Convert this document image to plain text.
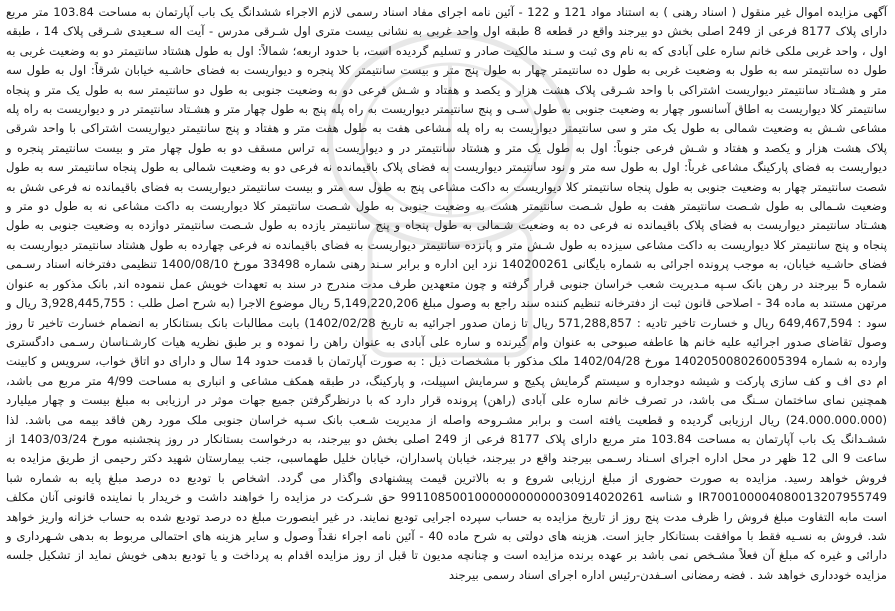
آگهی مزایده اموال غیر منقول ( اسناد رهنی ) به استناد مواد 121 و 122 - آئین نامه اجرای مفاد اسناد رسمی لازم الاجراء ششدانگ یک باب آپارتمان به مساحت 103.84 متر مربع دارای پلاک 8177 فرعی از 249 اصلی بخش دو بیرجند واقع در قطعه 8 طبقه اول واحد غربی به نشانی بیست متری اول شـرقی مدرس - آیت اله سـعیدی شـرقی پلاک 14 ، طبقه اول ، واحد غربی ملکی خانم ساره علی آبادی که به نام وی ثبت و سـند مالکیت صادر و تسلیم گردیده است، با حدود اربعه؛ شمالاً: اول به طول هشتاد سانتیمتر دو به وضعیت غربی به طول ده سانتیمتر سه به طول به وضعیت غربی به طول ده سانتیمتر چهار به طول پنج متر و بیست سانتیمتر کلا پنجره و دیواریست به فضای حاشـیه خیابان شرقاً: اول به طول سه متر و هشـتاد سانتیمتر دیواریست اشتراکی با واحد شـرقی پلاک هشت هزار و یکصد و هفتاد و شـش فرعی دو به وضعیت جنوبی به طول دو سانتیمتر سه به طول یک متر و پنجاه سانتیمتر کلا دیواریست به اطاق آسانسور چهار به وضعیت جنوبی به طول سـی و پنج سانتیمتر دیواریست به راه پله پنج به طول چهار متر و هشـتاد سانتیمتر در و دیواریست به راه پله مشاعی شـش به وضعیت شمالی به طول یک متر و سی سانتیمتر دیواریست به راه پله مشاعی هفت به طول هفت متر و هفتاد و پنج سانتیمتر دیواریست اشتراکی با واحد شرقی پلاک هشت هزار و یکصد و هفتاد و شـش فرعی جنوباً: اول به طول یک متر و هشتاد سانتیمتر در و دیواریست به تراس مسقف دو به طول چهار متر و بیست سانتیمتر پنجره و دیواریست به فضای پارکینگ مشاعی غرباً: اول به طول سه متر و نود سانتیمتر دیواریست به فضای پلاک باقیمانده نه فرعی دو به وضعیت شمالی به طول پنجاه سانتیمتر سه به طول شصت سانتیمتر چهار به وضعیت جنوبی به طول پنجاه سانتیمتر کلا دیواریست به داکت مشاعی پنج به طول سه متر و بیست سانتیمتر دیواریست به فضای باقیمانده نه فرعی شش به وضعیت شـمالی به طول شـصت سانتیمتر هفت به طول شـصت سانتیمتر هشت به وضعیت جنوبی به طول شـصت سانتیمتر کلا دیواریست به داکت مشاعی نه به طول دو متر و هشـتاد سانتیمتر دیواریست به فضای پلاک باقیمانده نه فرعی ده به وضعیت شـمالی به طول پنجاه و پنج سانتیمتر یازده به طول شـصت سانتیمتر دوازده به وضعیت جنوبی به طول پنجاه و پنج سانتیمتر کلا دیواریست به داکت مشاعی سیزده به طول شـش متر و پانزده سانتیمتر دیواریست به فضای باقیمانده نه فرعی چهارده به طول هشتاد سانتیمتر دیواریست به فضای حاشـیه خیابان، به موجب پرونده اجرائی به شماره بایگانی 140200261 نزد این اداره و برابر سـند رهنی شماره 33498 مورخ 1400/08/10 تنظیمی دفترخانه اسناد رسـمی شماره 5 بیرجند در رهن بانک سـپه مـدیریت شعب خراسان جنوبی قرار گرفته و چون متعهدین طرف مدت مندرج در سند به تعهدات خویش عمل ننموده اند, بانک مذکور به عنوان مرتهن مستند به ماده 34 - اصلاحی قانون ثبت از دفترخانه تنظیم کننده سند راجع به وصول مبلغ 5,149,220,206 ریال موضوع الاجرا (به شرح اصل طلب : 3,928,445,755 ریال و سود : 649,467,594 ریال و خسارت تاخیر تادیه : 571,288,857 ریال تا زمان صدور اجرائیه به تاریخ 1402/02/28) بابت مطالبات بانک بستانکار به انضمام خسارت تاخیر تا روز وصول تقاضای صدور اجرائیه علیه خانم ها عاطفه صبوحی به عنوان وام گیرنده و ساره علی آبادی به عنوان راهن را نموده و بر طبق نظریه هیات کارشـناسان رسـمی دادگستری وارده به شماره 140205008026005394 مورخ 1402/04/28 ملک مذکور با مشخصات ذیل : به صورت آپارتمان با قدمت حدود 14 سال و دارای دو اتاق خواب، سرویس و کابینت ام دی اف و کف سازی پارکت و شیشه دوجداره و سیستم گرمایش پکیج و سرمایش اسپیلت، و پارکینگ، در طبقه همکف مشاعی و انباری به مساحت 4/99 متر مربع می باشد، همچنین نمای ساختمان سـنگ می باشد، در تصرف خانم ساره علی آبادی (راهن) پرونده قرار دارد که با درنظرگرفتن جمیع جهات موثر در ارزیابی به مبلغ بیست و چهار میلیارد (24.000.000.000) ریال ارزیابی گردیده و قطعیت یافته است و برابر مشـروحه واصله از مدیریت شـعب بانک سـپه خراسان جنوبی ملک مورد رهن فاقد بیمه می باشد. لذا ششـدانگ یک باب آپارتمان به مساحت 103.84 متر مربع دارای پلاک 8177 فرعی از 249 اصلی بخش دو بیرجند، به درخواست بستانکار در روز پنجشنبه مورخ 1403/03/24 از ساعت 9 الی 12 ظهر در محل اداره اجرای اسـناد رسـمی بیرجند واقع در بیرجند، خیابان پاسداران، خیابان خلیل طهماسبی، جنب بیمارستان شهید دکتر رحیمی از طریق مزایده به فروش خواهد رسید. مزایده به صورت حضوری از مبلغ ارزیابی شروع و به بالاترین قیمت پیشنهادی واگذار می گردد. اشخاص با تودیع ده درصد مبلغ پایه به شماره شبا IR700100004080013207955749 و شناسه 991108500100000000000030914020261 حق شـرکت در مزایده را خواهند داشت و خریدار با نماینده قانونی آنان مکلف است مابه التفاوت مبلغ فروش را ظرف مدت پنج روز از تاریخ مزایده به حساب سپرده اجرایی تودیع نمایند. در غیر اینصورت مبلغ ده درصد تودیع شده به حساب خزانه واریز خواهد شد. فروش به نسـیه فقط با موافقت بستانکار جایز است. هزینه های دولتی به شرح ماده 40 - آئین نامه اجراء نقداً وصول و سایر هزینه های احتمالی مربوط به بدهی شـهرداری و دارائی و غیره که مبلغ آن فعلاً مشـخص نمی باشد بر عهده برنده مزایده است و چنانچه مدیون تا قبل از روز مزایده اقدام به پرداخت و یا تودیع بدهی خویش نماید از تشکیل جلسه مزایده خودداری خواهد شد . فضه رمضانی اسـفدن-رئیس اداره اجرای اسناد رسمی بیرجند
